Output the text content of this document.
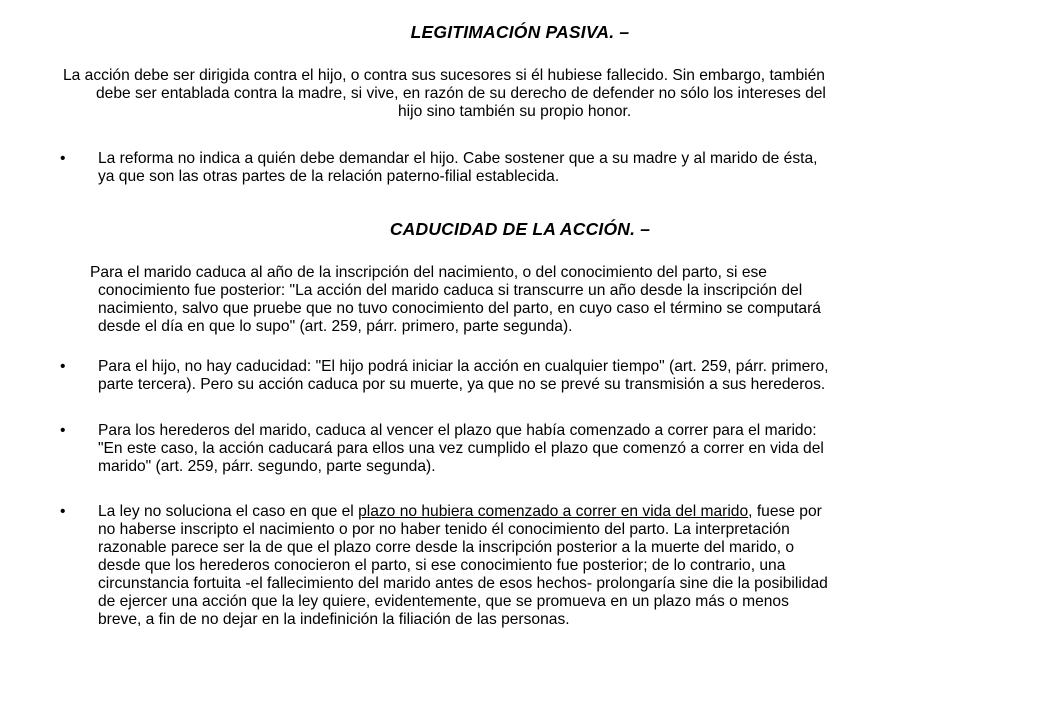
LEGITIMACIÓN PASIVA. –
La acción debe ser dirigida contra el hijo, o contra sus sucesores si él hubiese fallecido. Sin embargo, también
debe ser entablada contra la madre, si vive, en razón de su derecho de defender no sólo los intereses del
hijo sino también su propio honor.
•	La reforma no indica a quién debe demandar el hijo. Cabe sostener que a su madre y al marido de ésta,
ya que son las otras partes de la relación paterno-filial establecida.
CADUCIDAD DE LA ACCIÓN. –
Para el marido caduca al año de la inscripción del nacimiento, o del conocimiento del parto, si ese
conocimiento fue posterior: "La acción del marido caduca si transcurre un año desde la inscripción del
nacimiento, salvo que pruebe que no tuvo conocimiento del parto, en cuyo caso el término se computará
desde el día en que lo supo" (art. 259, párr. primero, parte segunda).
•	Para el hijo, no hay caducidad: "El hijo podrá iniciar la acción en cualquier tiempo" (art. 259, párr. primero,
parte tercera). Pero su acción caduca por su muerte, ya que no se prevé su transmisión a sus herederos.
•	Para los herederos del marido, caduca al vencer el plazo que había comenzado a correr para el marido:
"En este caso, la acción caducará para ellos una vez cumplido el plazo que comenzó a correr en vida del
marido" (art. 259, párr. segundo, parte segunda).
•	La ley no soluciona el caso en que el plazo no hubiera comenzado a correr en vida del marido, fuese por
no haberse inscripto el nacimiento o por no haber tenido él conocimiento del parto. La interpretación
razonable parece ser la de que el plazo corre desde la inscripción posterior a la muerte del marido, o
desde que los herederos conocieron el parto, si ese conocimiento fue posterior; de lo contrario, una
circunstancia fortuita -el fallecimiento del marido antes de esos hechos- prolongaría sine die la posibilidad
de ejercer una acción que la ley quiere, evidentemente, que se promueva en un plazo más o menos
breve, a fin de no dejar en la indefinición la filiación de las personas.
